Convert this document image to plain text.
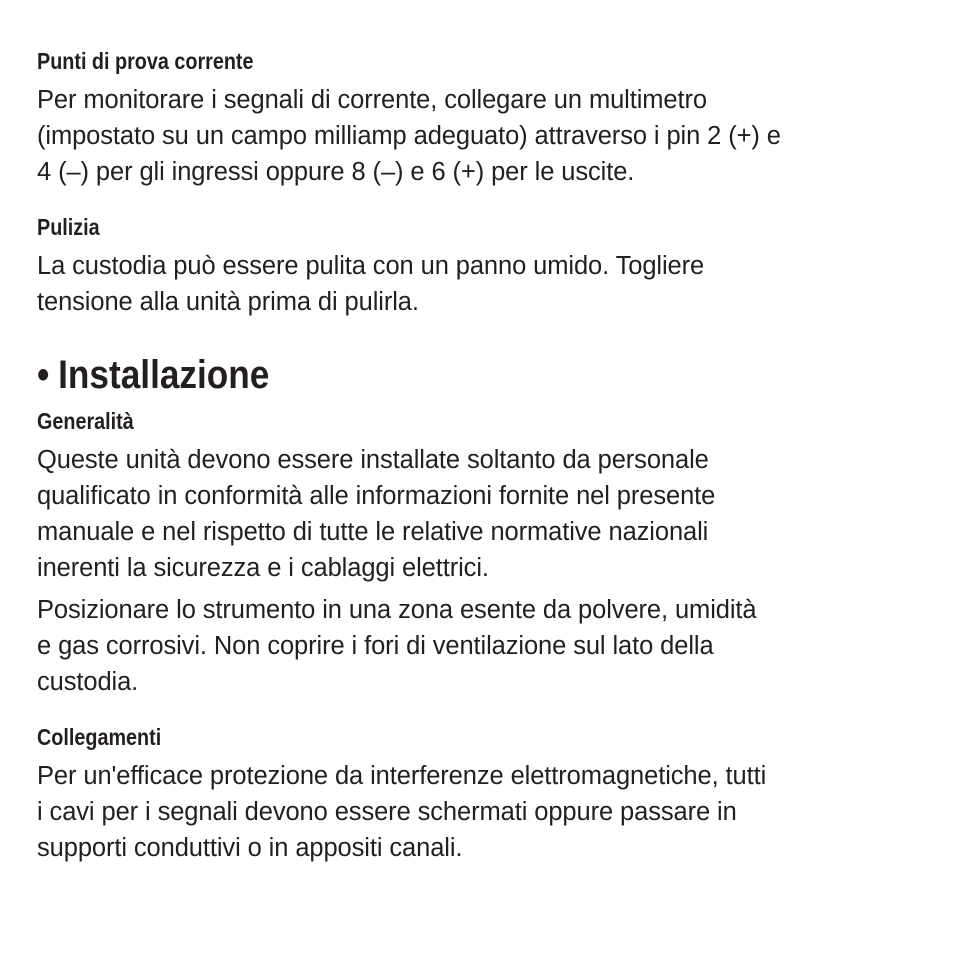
Punti di prova corrente

Per monitorare i segnali di corrente, collegare un multimetro
(impostato su un campo milliamp adeguato) attraverso i pin 2 (+) e
4 (–) per gli ingressi oppure 8 (–) e 6 (+) per le uscite.

Pulizia

La custodia può essere pulita con un panno umido. Togliere
tensione alla unità prima di pulirla.

• Installazione
Generalità

Queste unità devono essere installate soltanto da personale
qualificato in conformità alle informazioni fornite nel presente
manuale e nel rispetto di tutte le relative normative nazionali
inerenti la sicurezza e i cablaggi elettrici.

Posizionare lo strumento in una zona esente da polvere, umidità
e gas corrosivi. Non coprire i fori di ventilazione sul lato della
custodia.

Collegamenti

Per un'efficace protezione da interferenze elettromagnetiche, tutti
i cavi per i segnali devono essere schermati oppure passare in
supporti conduttivi o in appositi canali.
